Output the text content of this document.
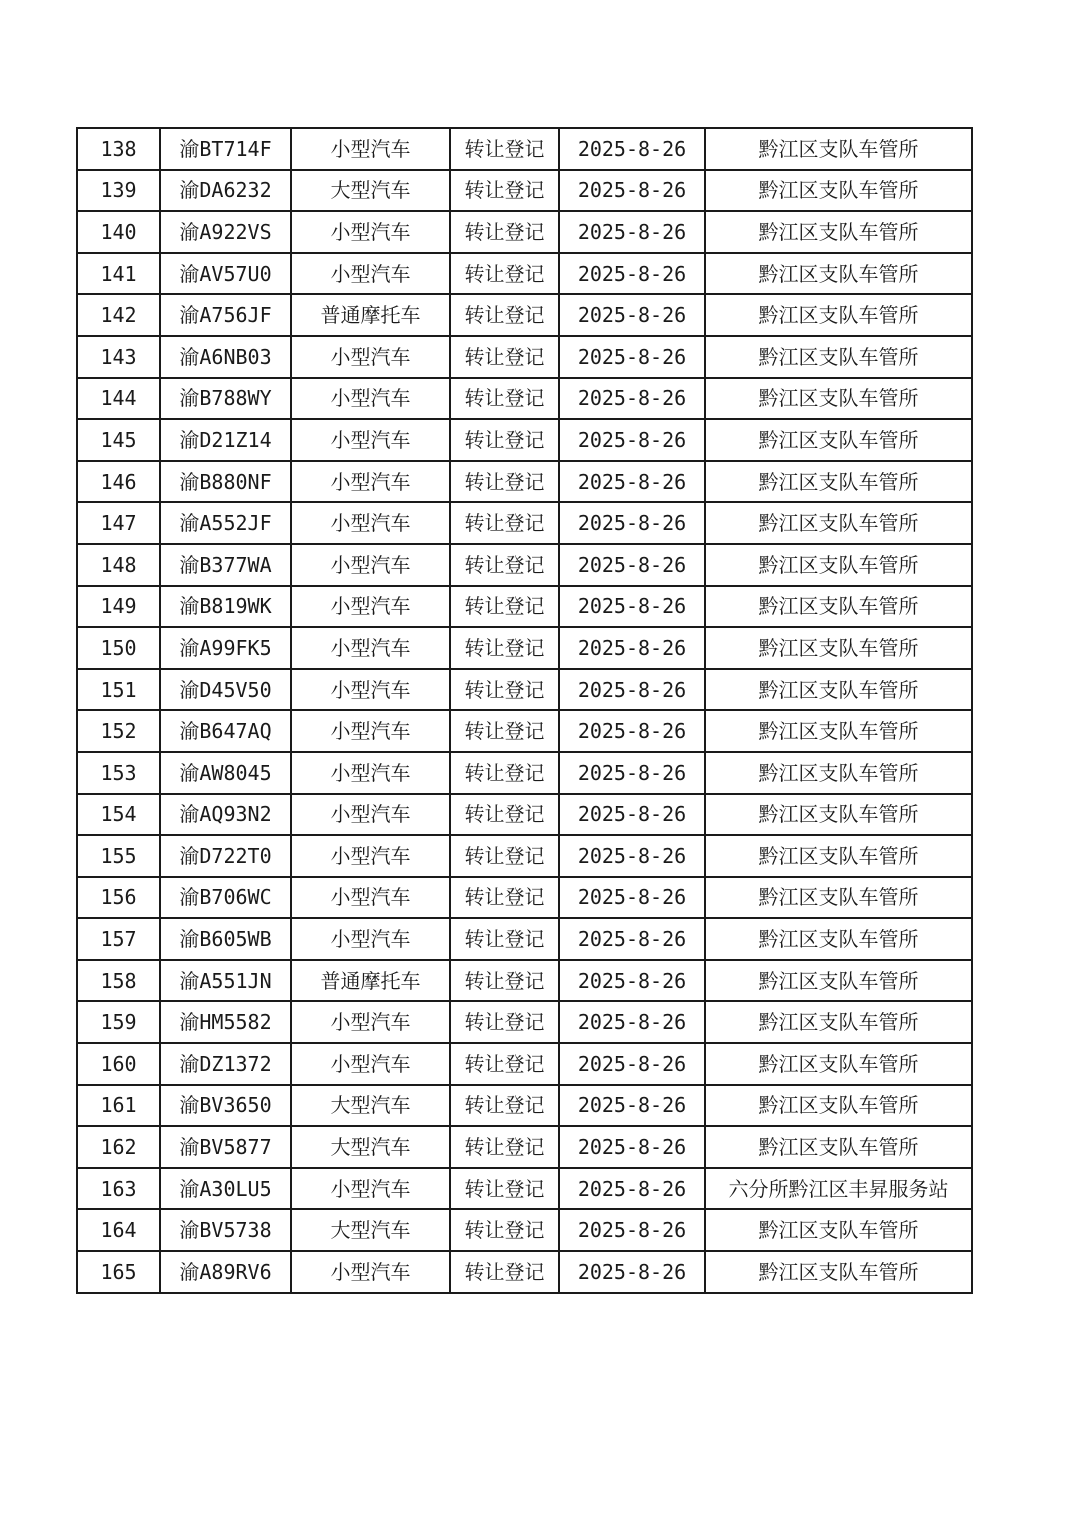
138	渝BT714F	小型汽车	转让登记	2025-8-26	黔江区支队车管所
139	渝DA6232	大型汽车	转让登记	2025-8-26	黔江区支队车管所
140	渝A922VS	小型汽车	转让登记	2025-8-26	黔江区支队车管所
141	渝AV57U0	小型汽车	转让登记	2025-8-26	黔江区支队车管所
142	渝A756JF	普通摩托车	转让登记	2025-8-26	黔江区支队车管所
143	渝A6NB03	小型汽车	转让登记	2025-8-26	黔江区支队车管所
144	渝B788WY	小型汽车	转让登记	2025-8-26	黔江区支队车管所
145	渝D21Z14	小型汽车	转让登记	2025-8-26	黔江区支队车管所
146	渝B880NF	小型汽车	转让登记	2025-8-26	黔江区支队车管所
147	渝A552JF	小型汽车	转让登记	2025-8-26	黔江区支队车管所
148	渝B377WA	小型汽车	转让登记	2025-8-26	黔江区支队车管所
149	渝B819WK	小型汽车	转让登记	2025-8-26	黔江区支队车管所
150	渝A99FK5	小型汽车	转让登记	2025-8-26	黔江区支队车管所
151	渝D45V50	小型汽车	转让登记	2025-8-26	黔江区支队车管所
152	渝B647AQ	小型汽车	转让登记	2025-8-26	黔江区支队车管所
153	渝AW8045	小型汽车	转让登记	2025-8-26	黔江区支队车管所
154	渝AQ93N2	小型汽车	转让登记	2025-8-26	黔江区支队车管所
155	渝D722T0	小型汽车	转让登记	2025-8-26	黔江区支队车管所
156	渝B706WC	小型汽车	转让登记	2025-8-26	黔江区支队车管所
157	渝B605WB	小型汽车	转让登记	2025-8-26	黔江区支队车管所
158	渝A551JN	普通摩托车	转让登记	2025-8-26	黔江区支队车管所
159	渝HM5582	小型汽车	转让登记	2025-8-26	黔江区支队车管所
160	渝DZ1372	小型汽车	转让登记	2025-8-26	黔江区支队车管所
161	渝BV3650	大型汽车	转让登记	2025-8-26	黔江区支队车管所
162	渝BV5877	大型汽车	转让登记	2025-8-26	黔江区支队车管所
163	渝A30LU5	小型汽车	转让登记	2025-8-26	六分所黔江区丰昇服务站
164	渝BV5738	大型汽车	转让登记	2025-8-26	黔江区支队车管所
165	渝A89RV6	小型汽车	转让登记	2025-8-26	黔江区支队车管所
